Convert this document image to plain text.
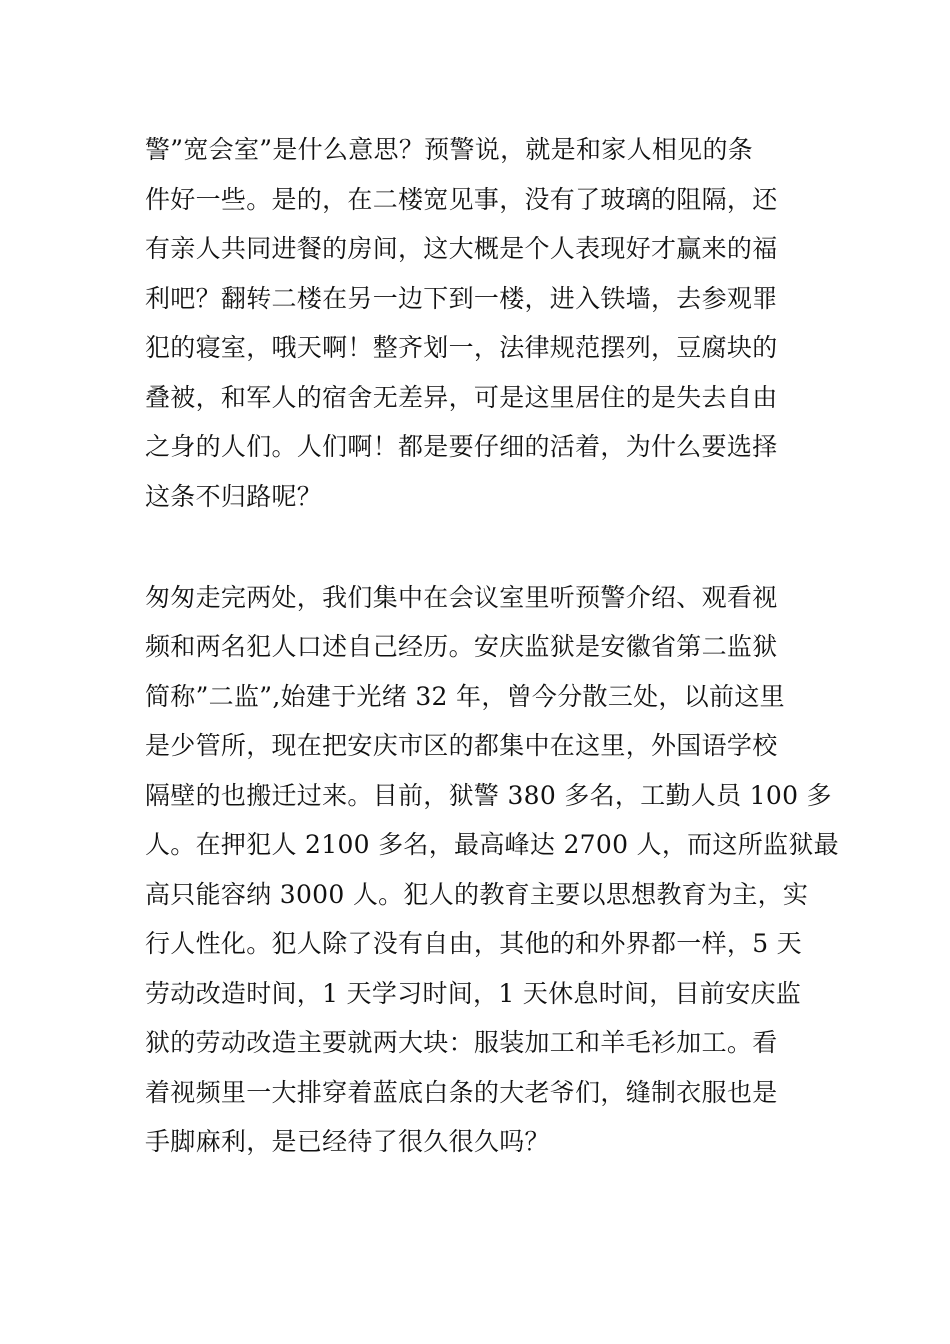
警”宽会室”是什么意思？预警说，就是和家人相见的条
件好一些。是的，在二楼宽见事，没有了玻璃的阻隔，还
有亲人共同进餐的房间，这大概是个人表现好才赢来的福
利吧？翻转二楼在另一边下到一楼，进入铁墙，去参观罪
犯的寝室，哦天啊！整齐划一，法律规范摆列，豆腐块的
叠被，和军人的宿舍无差异，可是这里居住的是失去自由
之身的人们。人们啊！都是要仔细的活着，为什么要选择
这条不归路呢？
匆匆走完两处，我们集中在会议室里听预警介绍、观看视
频和两名犯人口述自己经历。安庆监狱是安徽省第二监狱
简称”二监”,始建于光绪 32 年，曾今分散三处，以前这里
是少管所，现在把安庆市区的都集中在这里，外国语学校
隔壁的也搬迁过来。目前，狱警 380 多名，工勤人员 100 多
人。在押犯人 2100 多名，最高峰达 2700 人，而这所监狱最
高只能容纳 3000 人。犯人的教育主要以思想教育为主，实
行人性化。犯人除了没有自由，其他的和外界都一样，5 天
劳动改造时间，1 天学习时间，1 天休息时间，目前安庆监
狱的劳动改造主要就两大块：服装加工和羊毛衫加工。看
着视频里一大排穿着蓝底白条的大老爷们，缝制衣服也是
手脚麻利，是已经待了很久很久吗？
